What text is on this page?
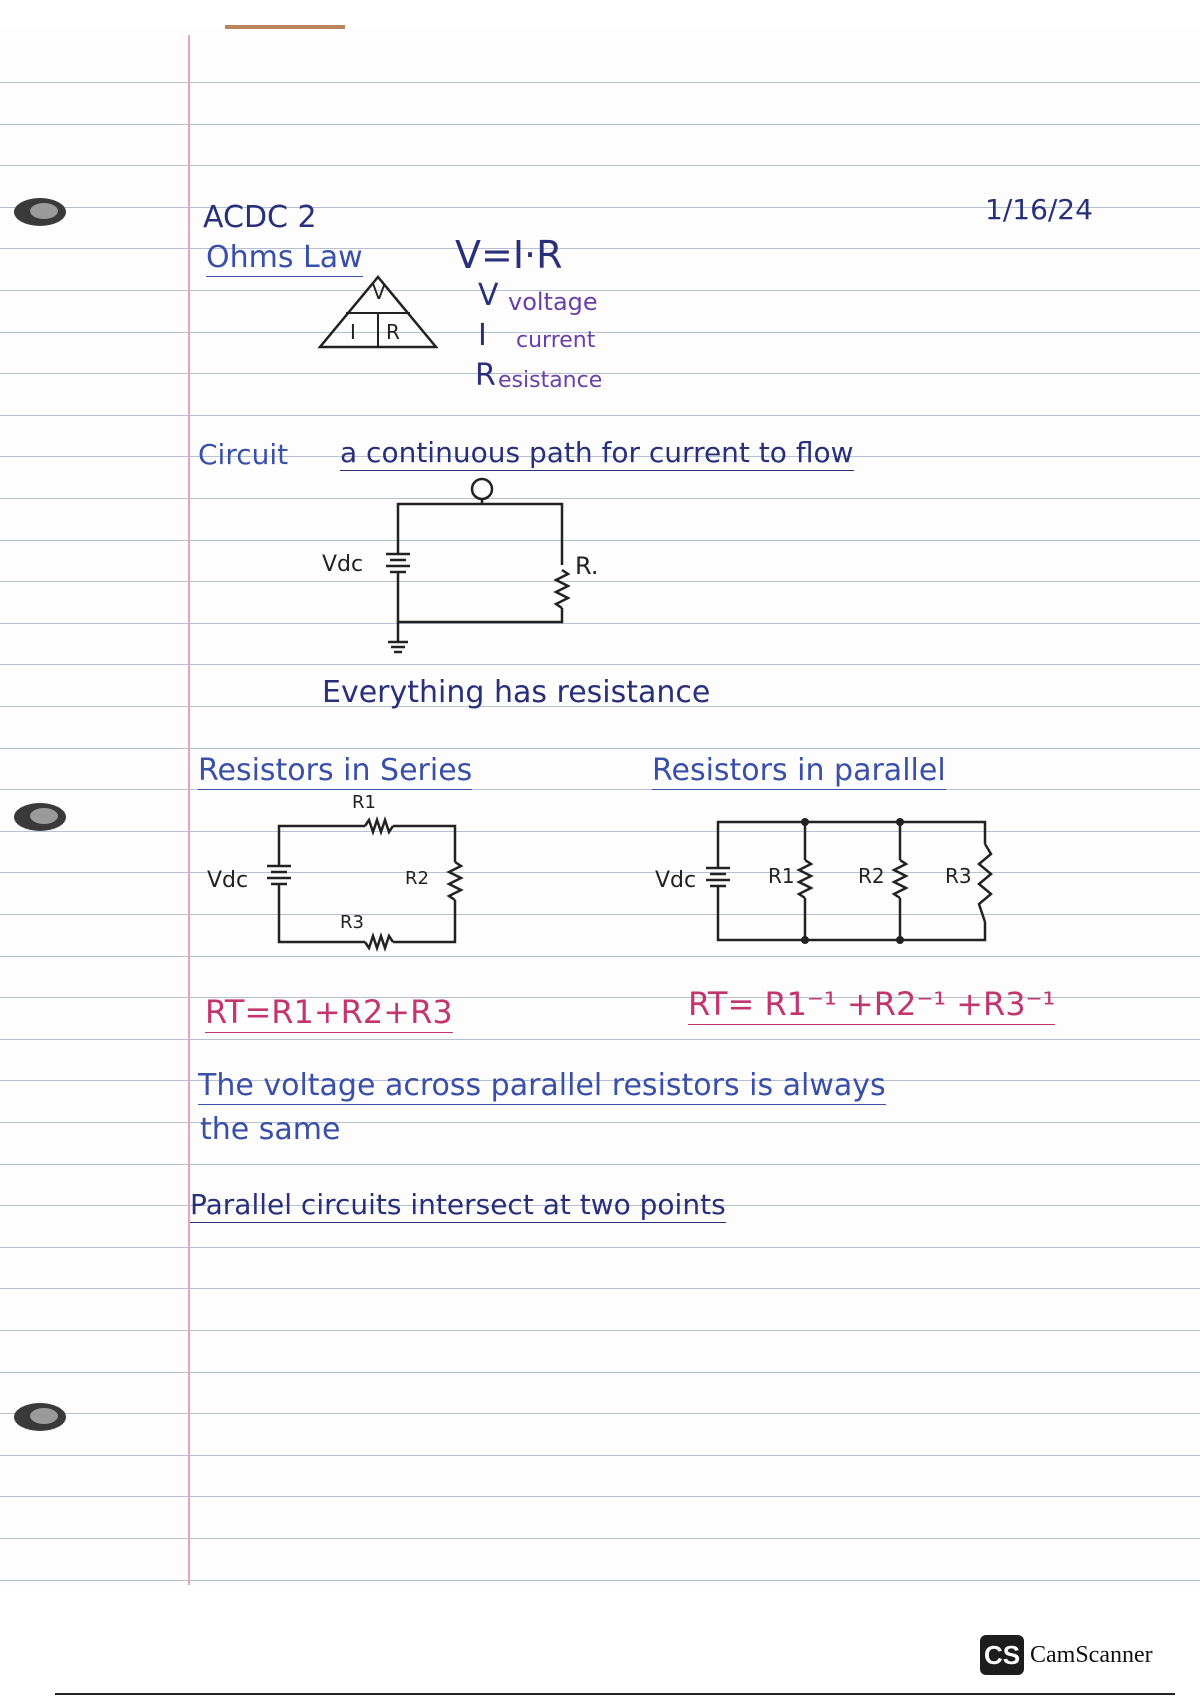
ACDC 2	1/16/24
Ohms Law V=I·R
V
I R
V voltage
I current
R esistance
Circuit a continuous path for current to flow
Vdc	R.
Everything has resistance
Resistors in Series
Vdc
R1
R2
R3
RT=R1+R2+R3
Resistors in parallel
Vdc	R1	R2	R3
RT= R1⁻¹ +R2⁻¹ +R3⁻¹
The voltage across parallel resistors is always
the same
Parallel circuits intersect at two points
CS CamScanner
